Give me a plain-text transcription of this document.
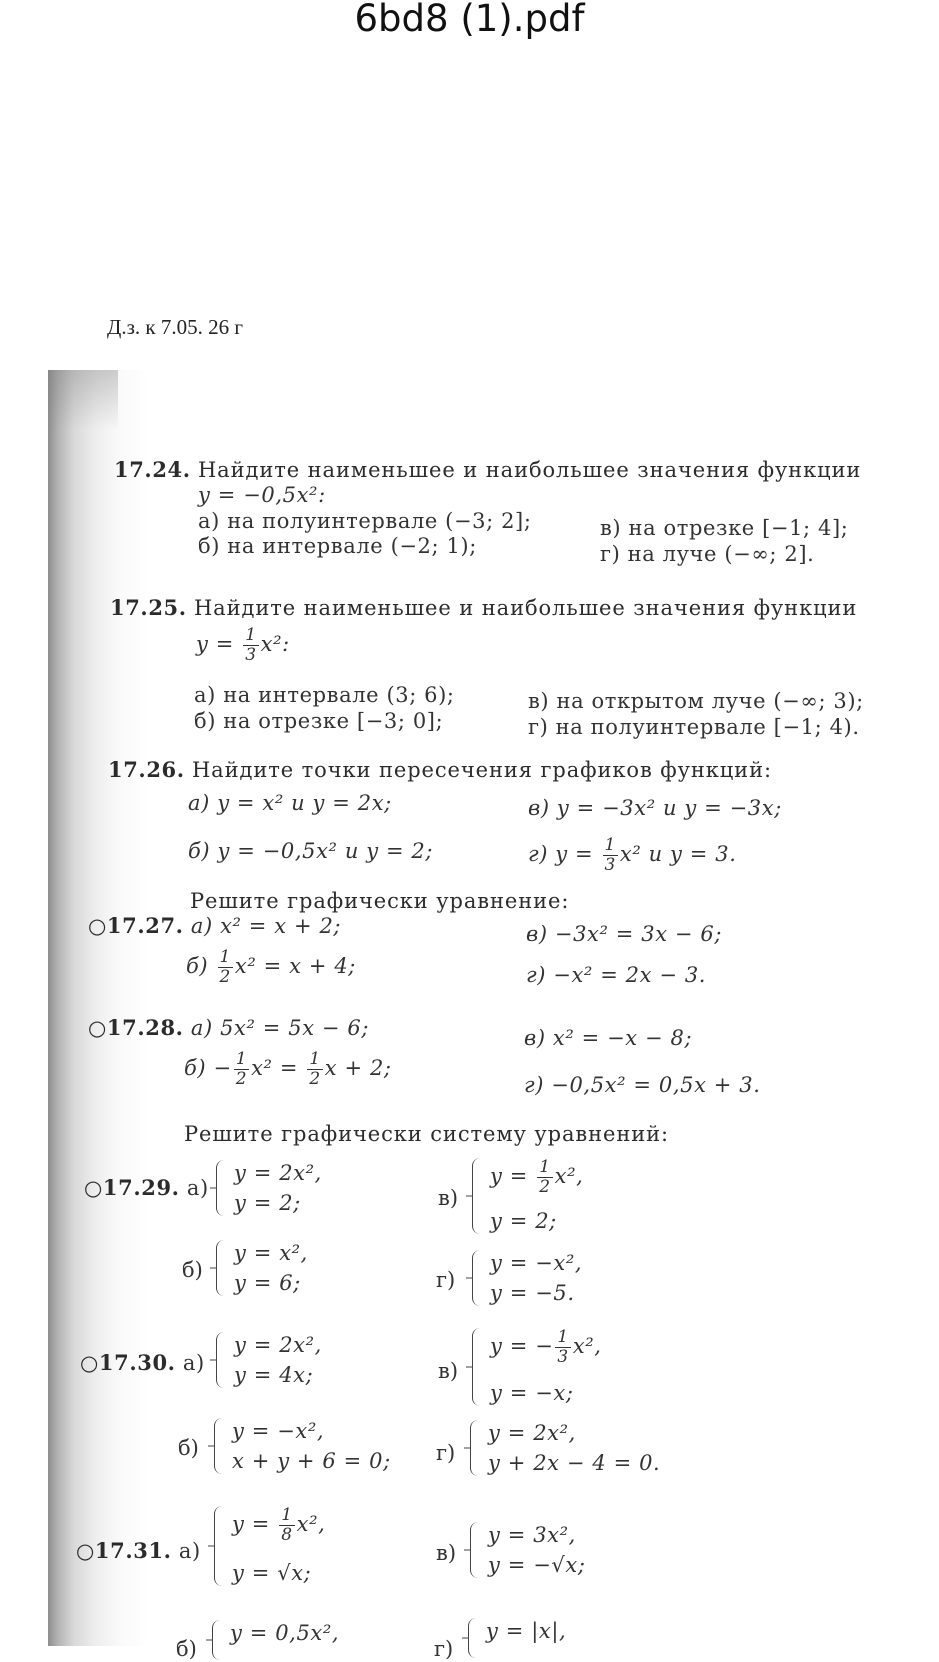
6bd8 (1).pdf
Д.з. к 7.05. 26 г
17.24. Найдите наименьшее и наибольшее значения функции
y = −0,5x²:
а) на полуинтервале (−3; 2];
б) на интервале (−2; 1);
в) на отрезке [−1; 4];
г) на луче (−∞; 2].
17.25. Найдите наименьшее и наибольшее значения функции
$y = \frac{1}{3} x^2$:
а) на интервале (3; 6);
б) на отрезке [−3; 0];
в) на открытом луче (−∞; 3);
г) на полуинтервале [−1; 4).
17.26. Найдите точки пересечения графиков функций:
а) y = x² и y = 2x;
б) y = −0,5x² и y = 2;
в) y = −3x² и y = −3x;
г) $y = \frac{1}{3} x^2$ и y = 3.
Решите графически уравнение:
○17.27. а) x² = x + 2;
$б) \frac{1}{2} x^2 = x + 4$;
в) −3x² = 3x − 6;
г) −x² = 2x − 3.
○17.28. а) 5x² = 5x − 6;
$б) - \frac{1}{2} x^2 = \frac{1}{2}$ x + 2;
в) x² = −x − 8;
г) −0,5x² = 0,5x + 3.
Решите графически систему уравнений:
○17.29. а)
y = 2x²,
y = 2;
б)
y = x²,
y = 6;
в)
$y = \frac{1}{2} x^2$,
y = 2;
г)
y = −x²,
y = −5.
○17.30. а)
y = 2x²,
y = 4x;
б)
y = −x²,
x + y + 6 = 0;
в)
y = − $\frac{1}{3} x^2$,
y = −x;
г)
y = 2x²,
y + 2x − 4 = 0.
○17.31. а)
$y = \frac{1}{8} x^2$,
y = √x;
б)
y = 0,5x²,
в)
y = 3x²,
y = −√x;
г)
y = |x|,
